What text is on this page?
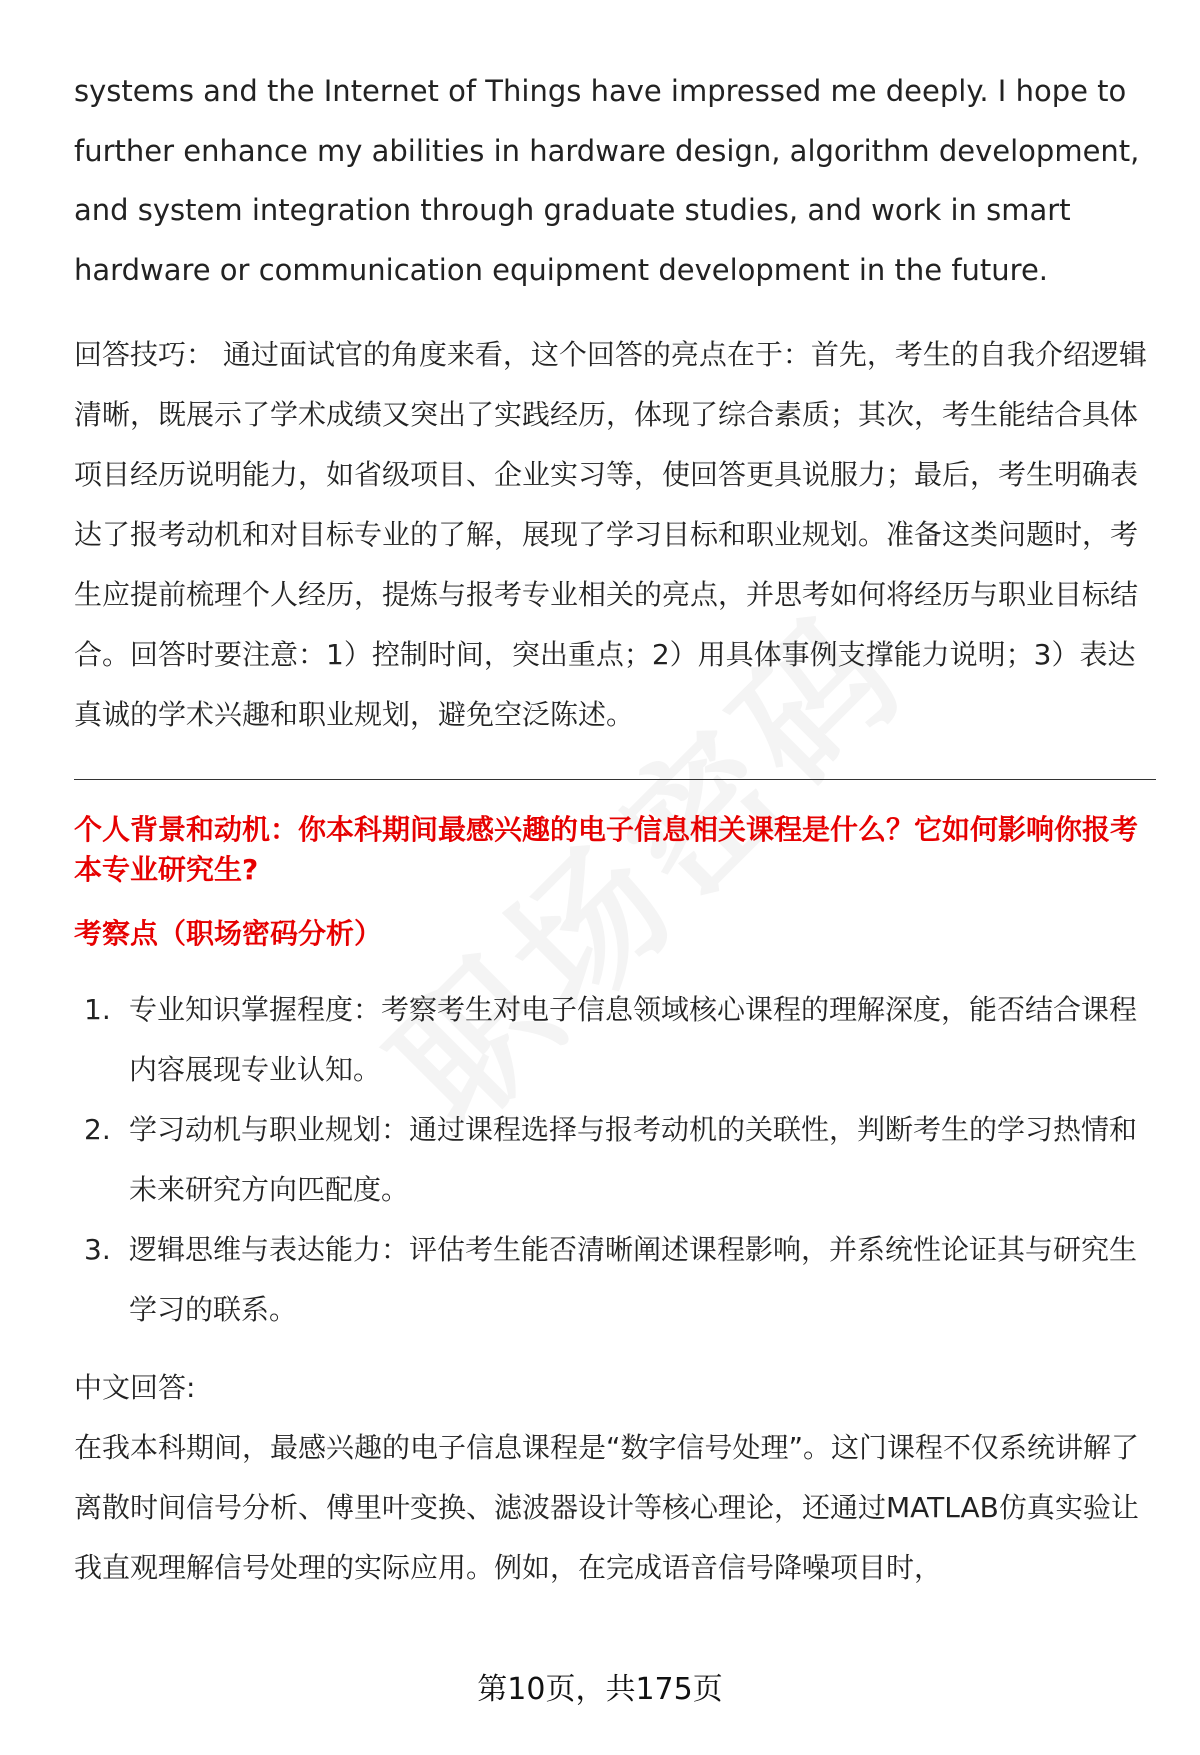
systems and the Internet of Things have impressed me deeply. I hope to further enhance my abilities in hardware design, algorithm development, and system integration through graduate studies, and work in smart hardware or communication equipment development in the future.

回答技巧： 通过面试官的角度来看，这个回答的亮点在于：首先，考生的自我介绍逻辑清晰，既展示了学术成绩又突出了实践经历，体现了综合素质；其次，考生能结合具体项目经历说明能力，如省级项目、企业实习等，使回答更具说服力；最后，考生明确表达了报考动机和对目标专业的了解，展现了学习目标和职业规划。准备这类问题时，考生应提前梳理个人经历，提炼与报考专业相关的亮点，并思考如何将经历与职业目标结合。回答时要注意：1）控制时间，突出重点；2）用具体事例支撑能力说明；3）表达真诚的学术兴趣和职业规划，避免空泛陈述。

个人背景和动机：你本科期间最感兴趣的电子信息相关课程是什么？它如何影响你报考本专业研究生?

考察点（职场密码分析）

1. 专业知识掌握程度：考察考生对电子信息领域核心课程的理解深度，能否结合课程内容展现专业认知。
2. 学习动机与职业规划：通过课程选择与报考动机的关联性，判断考生的学习热情和未来研究方向匹配度。
3. 逻辑思维与表达能力：评估考生能否清晰阐述课程影响，并系统性论证其与研究生学习的联系。

中文回答:

在我本科期间，最感兴趣的电子信息课程是“数字信号处理”。这门课程不仅系统讲解了离散时间信号分析、傅里叶变换、滤波器设计等核心理论，还通过MATLAB仿真实验让我直观理解信号处理的实际应用。例如，在完成语音信号降噪项目时，

第10页，共175页
